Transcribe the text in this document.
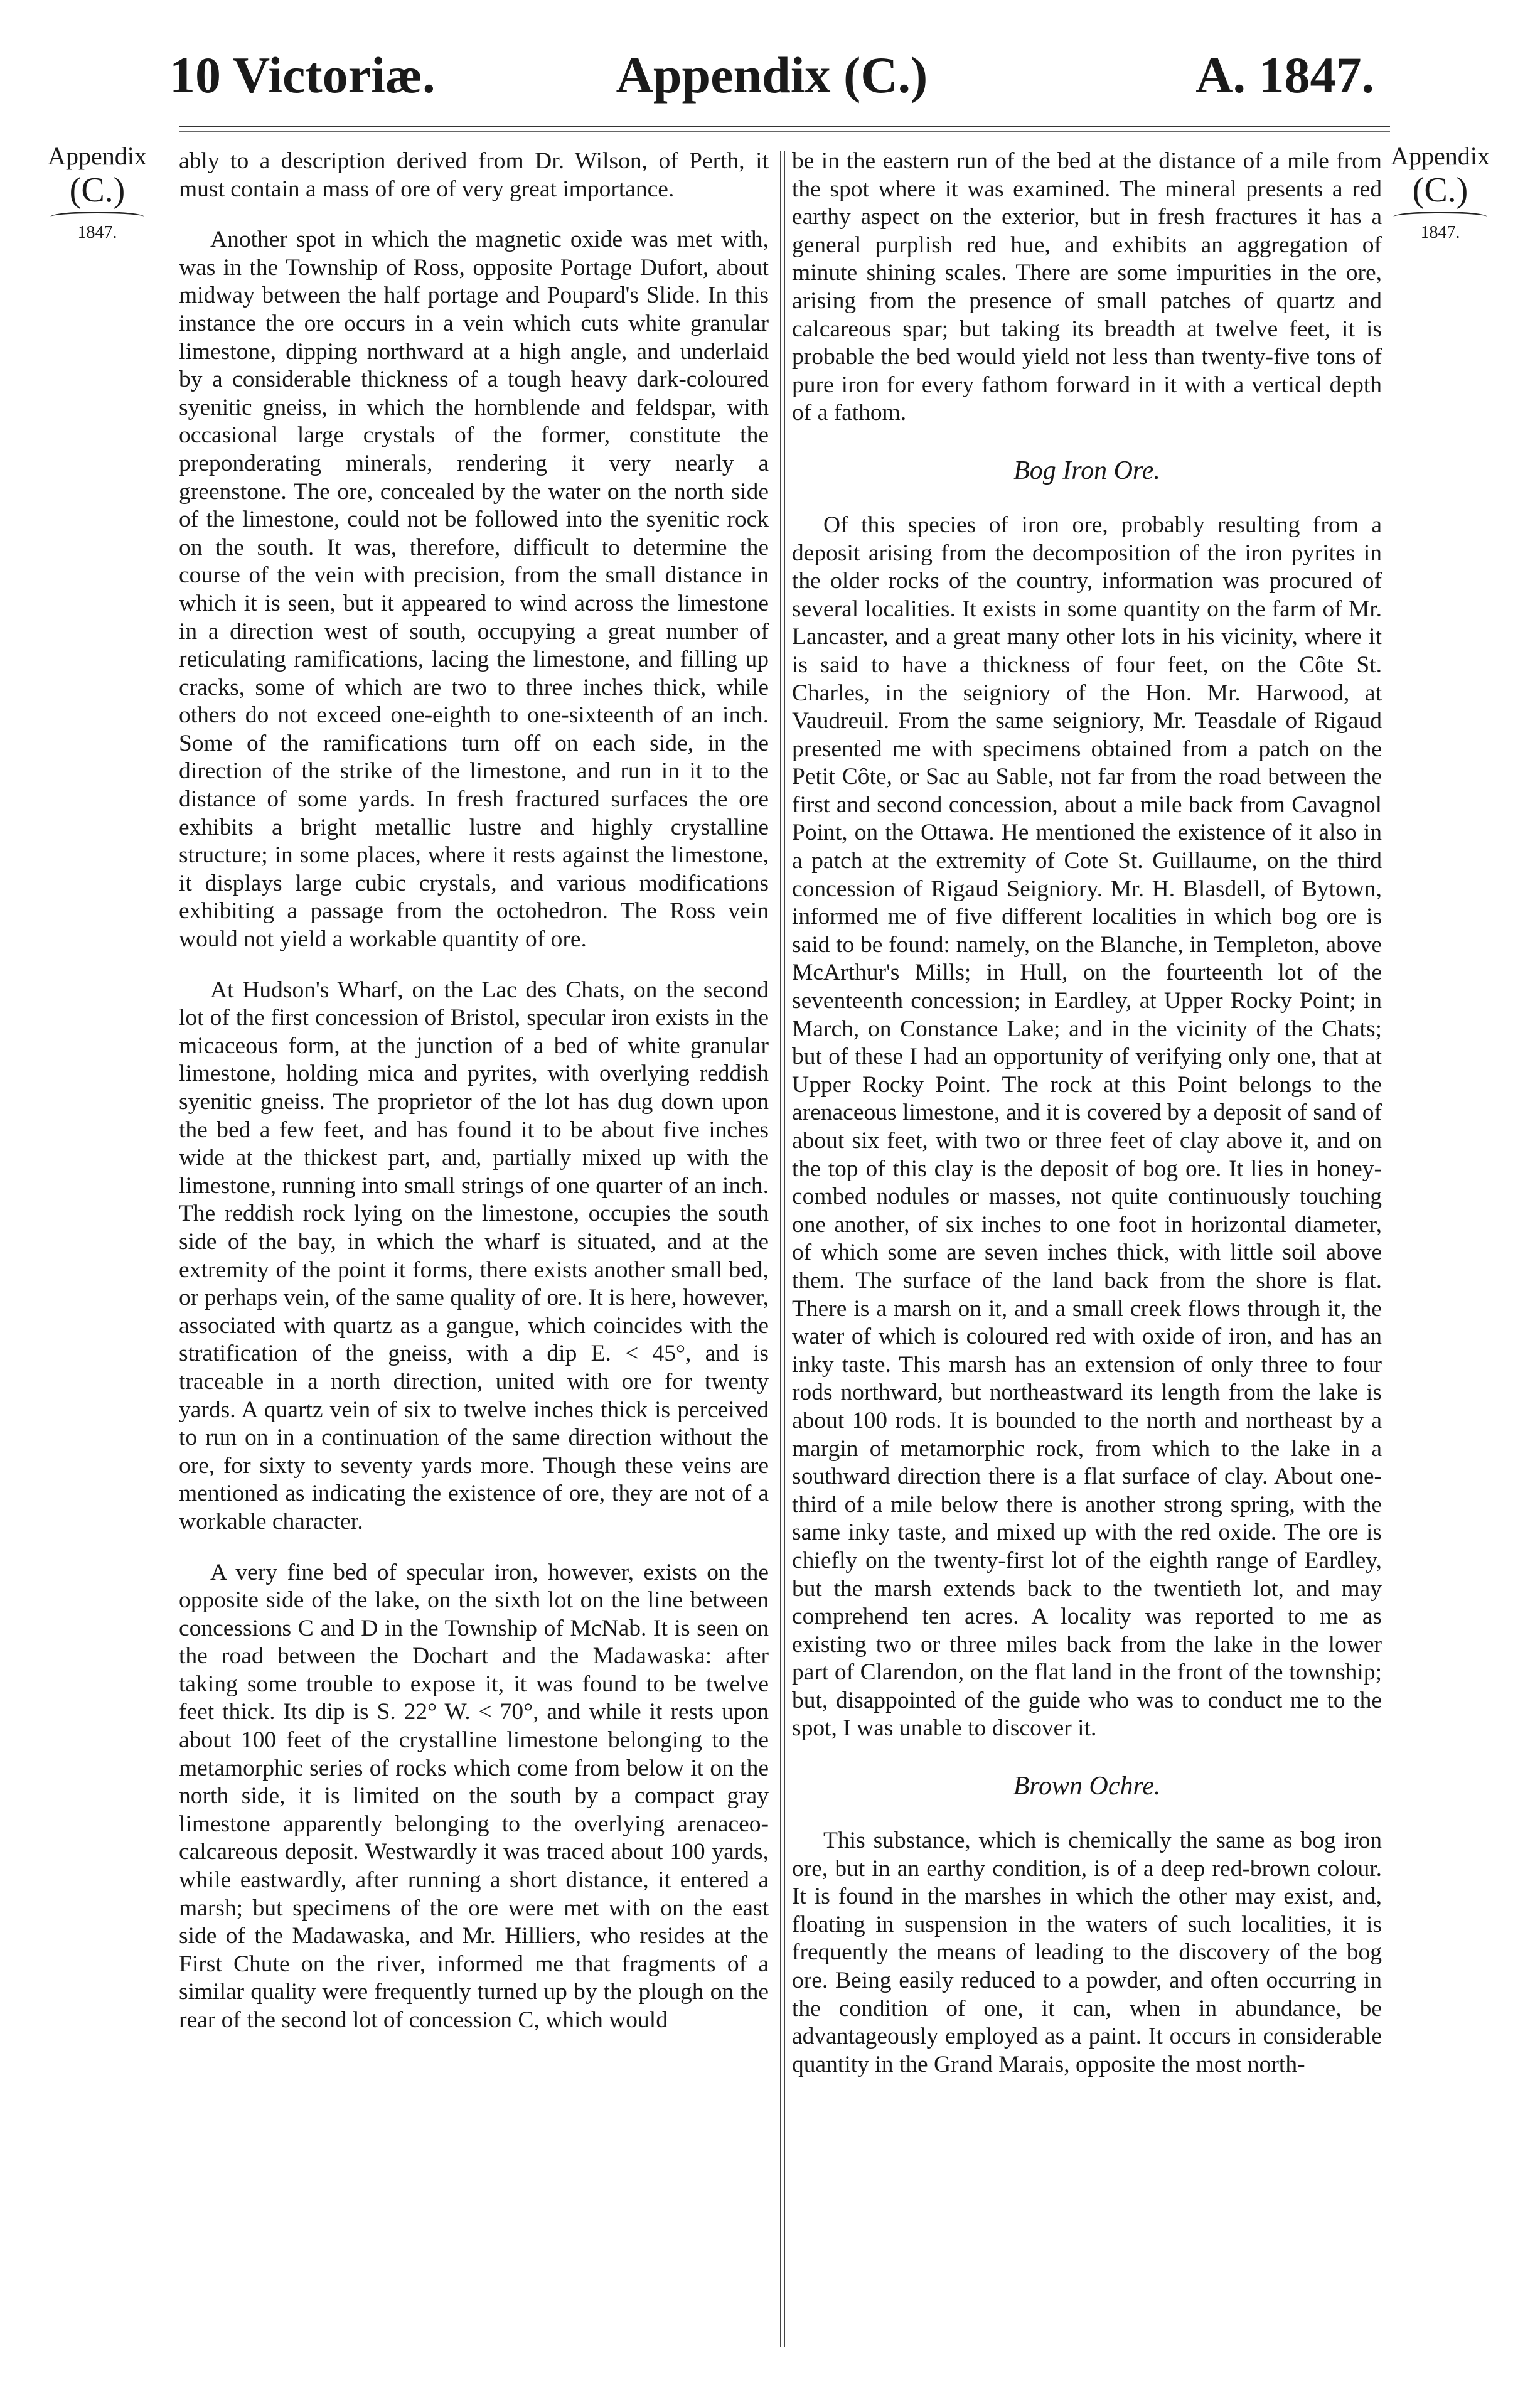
10 Victoriæ.	Appendix (C.)	A. 1847.
Appendix
(C.)
1847.
Appendix
(C.)
1847.

ably to a description derived from Dr. Wilson, of Perth, it must contain a mass of ore of very great importance.

Another spot in which the magnetic oxide was met with, was in the Township of Ross, opposite Portage Dufort, about midway between the half portage and Poupard's Slide. In this instance the ore occurs in a vein which cuts white granular limestone, dipping northward at a high angle, and underlaid by a considerable thickness of a tough heavy dark-coloured syenitic gneiss, in which the hornblende and feldspar, with occasional large crystals of the former, constitute the preponderating minerals, rendering it very nearly a greenstone. The ore, concealed by the water on the north side of the limestone, could not be followed into the syenitic rock on the south. It was, therefore, difficult to determine the course of the vein with precision, from the small distance in which it is seen, but it appeared to wind across the limestone in a direction west of south, occupying a great number of reticulating ramifications, lacing the limestone, and filling up cracks, some of which are two to three inches thick, while others do not exceed one-eighth to one-sixteenth of an inch. Some of the ramifications turn off on each side, in the direction of the strike of the limestone, and run in it to the distance of some yards. In fresh fractured surfaces the ore exhibits a bright metallic lustre and highly crystalline structure; in some places, where it rests against the limestone, it displays large cubic crystals, and various modifications exhibiting a passage from the octohedron. The Ross vein would not yield a workable quantity of ore.

At Hudson's Wharf, on the Lac des Chats, on the second lot of the first concession of Bristol, specular iron exists in the micaceous form, at the junction of a bed of white granular limestone, holding mica and pyrites, with overlying reddish syenitic gneiss. The proprietor of the lot has dug down upon the bed a few feet, and has found it to be about five inches wide at the thickest part, and, partially mixed up with the limestone, running into small strings of one quarter of an inch. The reddish rock lying on the limestone, occupies the south side of the bay, in which the wharf is situated, and at the extremity of the point it forms, there exists another small bed, or perhaps vein, of the same quality of ore. It is here, however, associated with quartz as a gangue, which coincides with the stratification of the gneiss, with a dip E. < 45°, and is traceable in a north direction, united with ore for twenty yards. A quartz vein of six to twelve inches thick is perceived to run on in a continuation of the same direction without the ore, for sixty to seventy yards more. Though these veins are mentioned as indicating the existence of ore, they are not of a workable character.

A very fine bed of specular iron, however, exists on the opposite side of the lake, on the sixth lot on the line between concessions C and D in the Township of McNab. It is seen on the road between the Dochart and the Madawaska: after taking some trouble to expose it, it was found to be twelve feet thick. Its dip is S. 22° W. < 70°, and while it rests upon about 100 feet of the crystalline limestone belonging to the metamorphic series of rocks which come from below it on the north side, it is limited on the south by a compact gray limestone apparently belonging to the overlying arenaceo-calcareous deposit. Westwardly it was traced about 100 yards, while eastwardly, after running a short distance, it entered a marsh; but specimens of the ore were met with on the east side of the Madawaska, and Mr. Hilliers, who resides at the First Chute on the river, informed me that fragments of a similar quality were frequently turned up by the plough on the rear of the second lot of concession C, which would

be in the eastern run of the bed at the distance of a mile from the spot where it was examined. The mineral presents a red earthy aspect on the exterior, but in fresh fractures it has a general purplish red hue, and exhibits an aggregation of minute shining scales. There are some impurities in the ore, arising from the presence of small patches of quartz and calcareous spar; but taking its breadth at twelve feet, it is probable the bed would yield not less than twenty-five tons of pure iron for every fathom forward in it with a vertical depth of a fathom.

Bog Iron Ore.

Of this species of iron ore, probably resulting from a deposit arising from the decomposition of the iron pyrites in the older rocks of the country, information was procured of several localities. It exists in some quantity on the farm of Mr. Lancaster, and a great many other lots in his vicinity, where it is said to have a thickness of four feet, on the Côte St. Charles, in the seigniory of the Hon. Mr. Harwood, at Vaudreuil. From the same seigniory, Mr. Teasdale of Rigaud presented me with specimens obtained from a patch on the Petit Côte, or Sac au Sable, not far from the road between the first and second concession, about a mile back from Cavagnol Point, on the Ottawa. He mentioned the existence of it also in a patch at the extremity of Cote St. Guillaume, on the third concession of Rigaud Seigniory. Mr. H. Blasdell, of Bytown, informed me of five different localities in which bog ore is said to be found: namely, on the Blanche, in Templeton, above McArthur's Mills; in Hull, on the fourteenth lot of the seventeenth concession; in Eardley, at Upper Rocky Point; in March, on Constance Lake; and in the vicinity of the Chats; but of these I had an opportunity of verifying only one, that at Upper Rocky Point. The rock at this Point belongs to the arenaceous limestone, and it is covered by a deposit of sand of about six feet, with two or three feet of clay above it, and on the top of this clay is the deposit of bog ore. It lies in honey-combed nodules or masses, not quite continuously touching one another, of six inches to one foot in horizontal diameter, of which some are seven inches thick, with little soil above them. The surface of the land back from the shore is flat. There is a marsh on it, and a small creek flows through it, the water of which is coloured red with oxide of iron, and has an inky taste. This marsh has an extension of only three to four rods northward, but northeastward its length from the lake is about 100 rods. It is bounded to the north and northeast by a margin of metamorphic rock, from which to the lake in a southward direction there is a flat surface of clay. About one-third of a mile below there is another strong spring, with the same inky taste, and mixed up with the red oxide. The ore is chiefly on the twenty-first lot of the eighth range of Eardley, but the marsh extends back to the twentieth lot, and may comprehend ten acres. A locality was reported to me as existing two or three miles back from the lake in the lower part of Clarendon, on the flat land in the front of the township; but, disappointed of the guide who was to conduct me to the spot, I was unable to discover it.

Brown Ochre.

This substance, which is chemically the same as bog iron ore, but in an earthy condition, is of a deep red-brown colour. It is found in the marshes in which the other may exist, and, floating in suspension in the waters of such localities, it is frequently the means of leading to the discovery of the bog ore. Being easily reduced to a powder, and often occurring in the condition of one, it can, when in abundance, be advantageously employed as a paint. It occurs in considerable quantity in the Grand Marais, opposite the most north-
